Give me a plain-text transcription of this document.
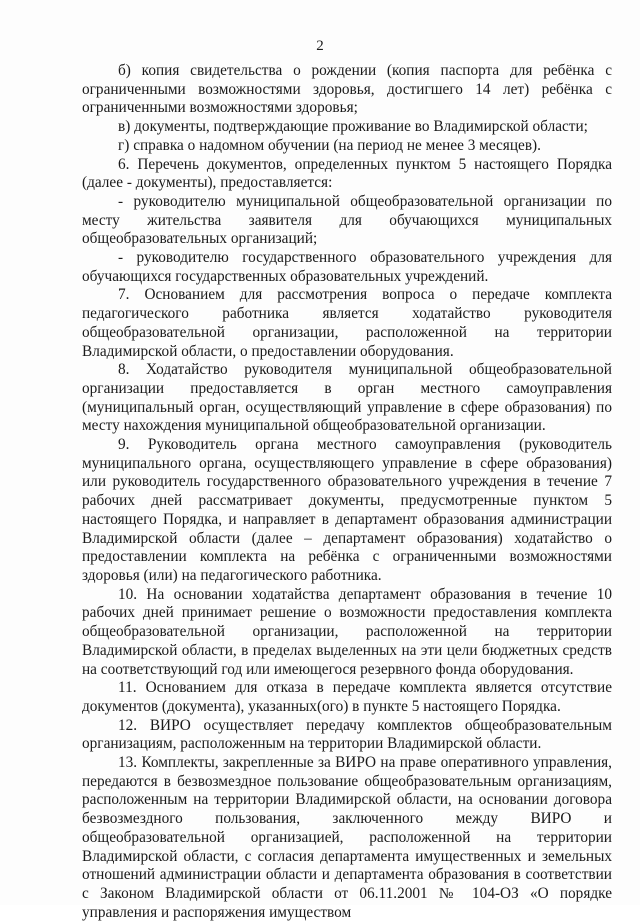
2

б) копия свидетельства о рождении (копия паспорта для ребёнка с ограниченными возможностями здоровья, достигшего 14 лет) ребёнка с ограниченными возможностями здоровья;

в) документы, подтверждающие проживание во Владимирской области;

г) справка о надомном обучении (на период не менее 3 месяцев).

6. Перечень документов, определенных пунктом 5 настоящего Порядка (далее - документы), предоставляется:

- руководителю муниципальной общеобразовательной организации по месту жительства заявителя для обучающихся муниципальных общеобразовательных организаций;

- руководителю государственного образовательного учреждения для обучающихся государственных образовательных учреждений.

7. Основанием для рассмотрения вопроса о передаче комплекта педагогического работника является ходатайство руководителя общеобразовательной организации, расположенной на территории Владимирской области, о предоставлении оборудования.

8. Ходатайство руководителя муниципальной общеобразовательной организации предоставляется в орган местного самоуправления (муниципальный орган, осуществляющий управление в сфере образования) по месту нахождения муниципальной общеобразовательной организации.

9. Руководитель органа местного самоуправления (руководитель муниципального органа, осуществляющего управление в сфере образования) или руководитель государственного образовательного учреждения в течение 7 рабочих дней рассматривает документы, предусмотренные пунктом 5 настоящего Порядка, и направляет в департамент образования администрации Владимирской области (далее – департамент образования) ходатайство о предоставлении комплекта на ребёнка с ограниченными возможностями здоровья (или) на педагогического работника.

10. На основании ходатайства департамент образования в течение 10 рабочих дней принимает решение о возможности предоставления комплекта общеобразовательной организации, расположенной на территории Владимирской области, в пределах выделенных на эти цели бюджетных средств на соответствующий год или имеющегося резервного фонда оборудования.

11. Основанием для отказа в передаче комплекта является отсутствие документов (документа), указанных(ого) в пункте 5 настоящего Порядка.

12. ВИРО осуществляет передачу комплектов общеобразовательным организациям, расположенным на территории Владимирской области.

13. Комплекты, закрепленные за ВИРО на праве оперативного управления, передаются в безвозмездное пользование общеобразовательным организациям, расположенным на территории Владимирской области, на основании договора безвозмездного пользования, заключенного между ВИРО и общеобразовательной организацией, расположенной на территории Владимирской области, с согласия департамента имущественных и земельных отношений администрации области и департамента образования в соответствии с Законом Владимирской области от 06.11.2001 № 104-ОЗ «О порядке управления и распоряжения имуществом
